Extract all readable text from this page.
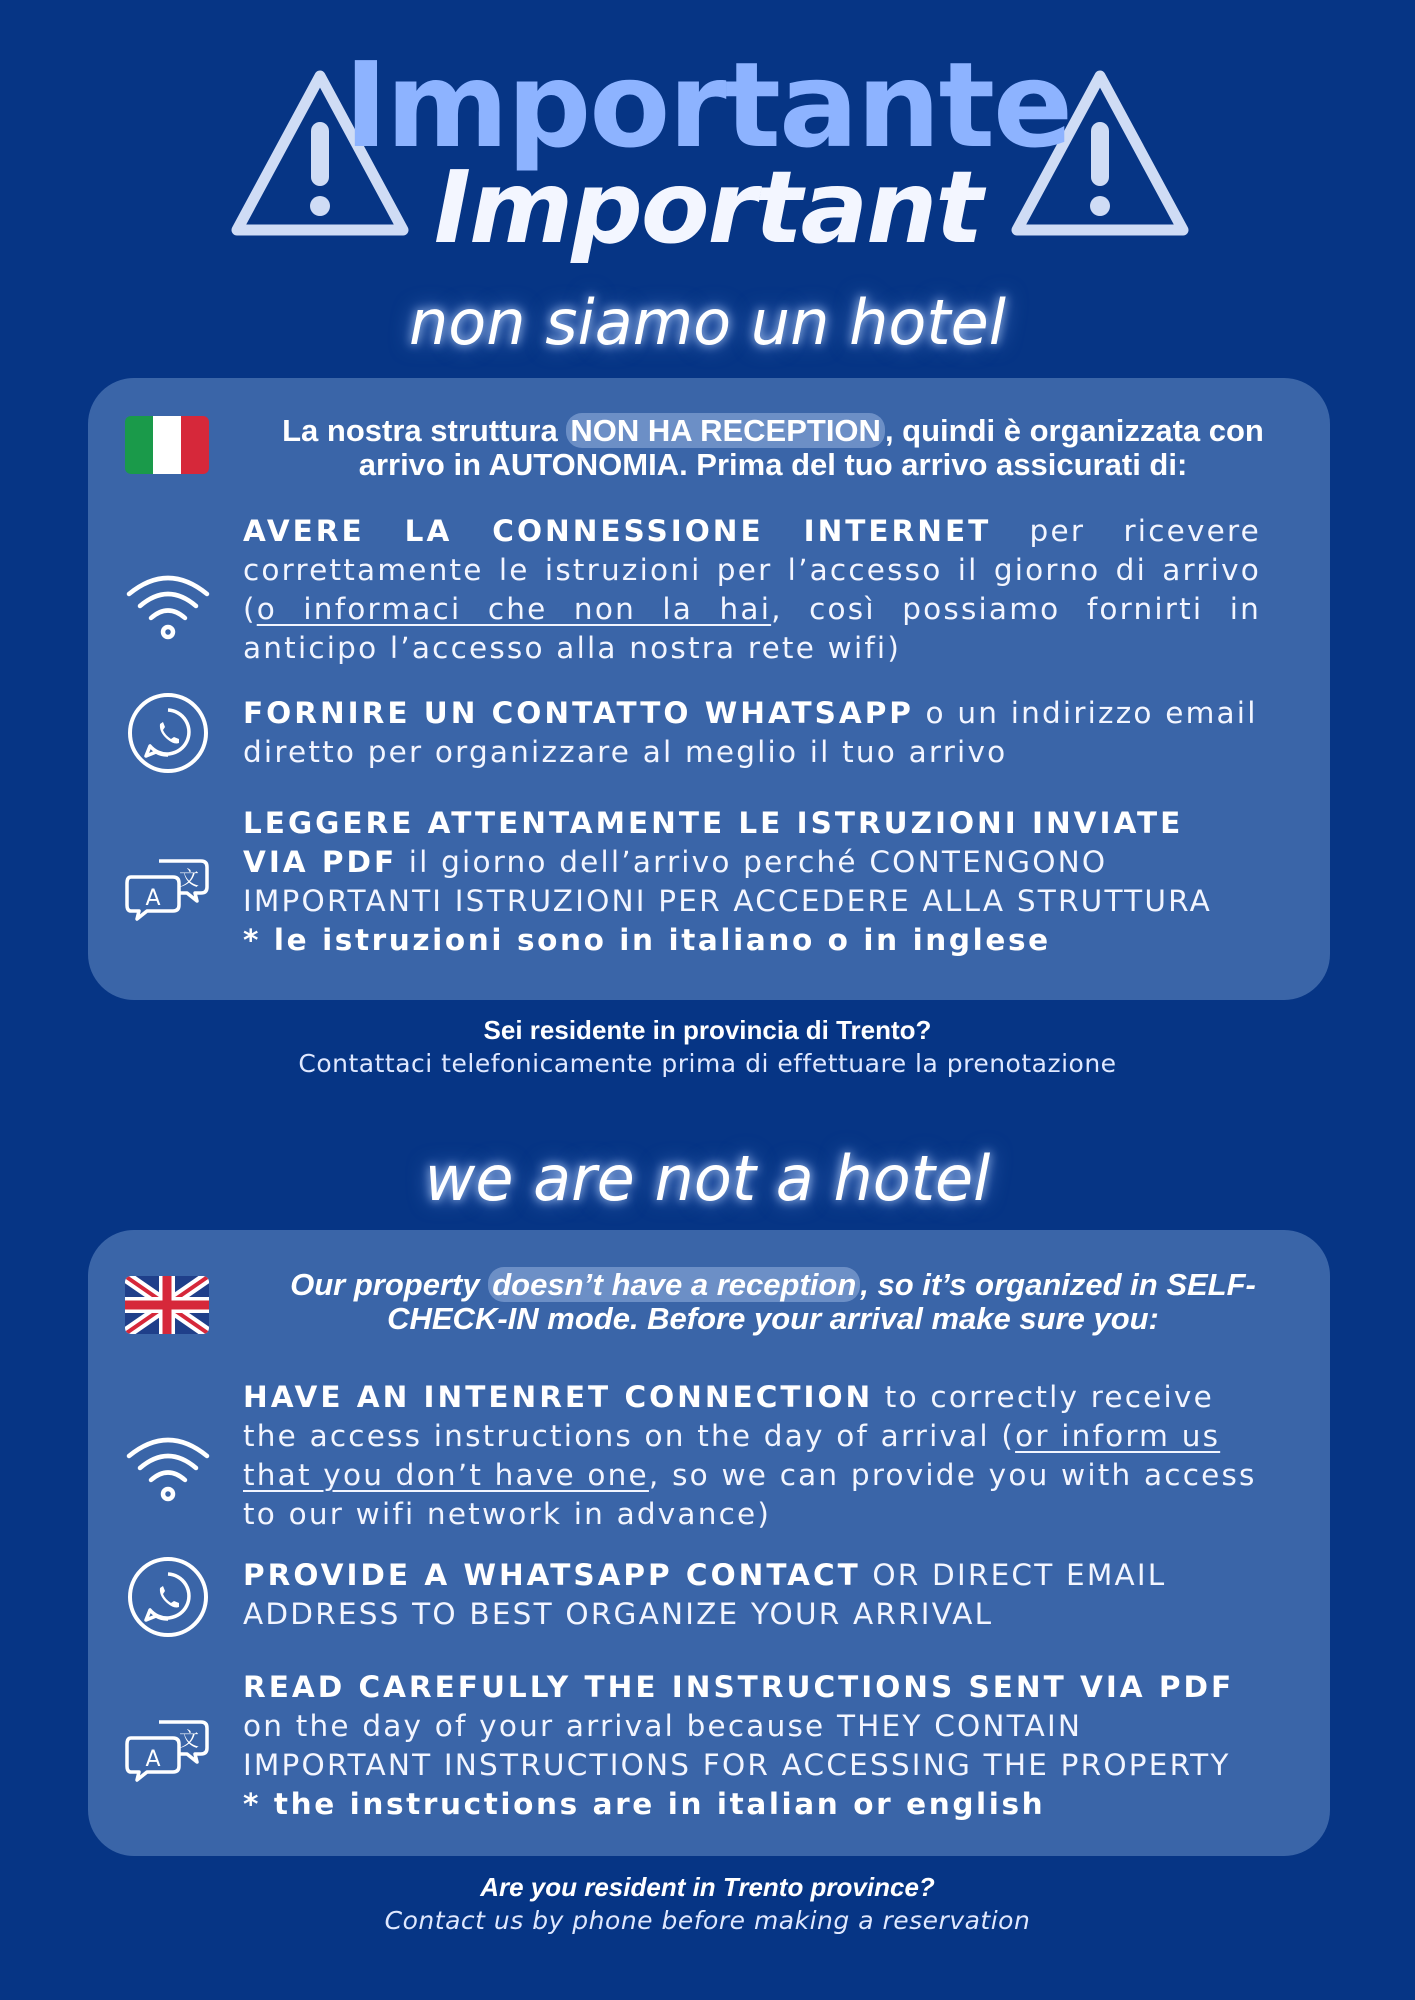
Importante
Important
non siamo un hotel
La nostra struttura NON HA RECEPTION , quindi è organizzata con arrivo in AUTONOMIA. Prima del tuo arrivo assicurati di:
AVERE LA CONNESSIONE INTERNET per ricevere correttamente le istruzioni per l’accesso il giorno di arrivo (o informaci che non la hai, così possiamo fornirti in anticipo l’accesso alla nostra rete wifi)
FORNIRE UN CONTATTO WHATSAPP o un indirizzo email diretto per organizzare al meglio il tuo arrivo
A
文
LEGGERE ATTENTAMENTE LE ISTRUZIONI INVIATE VIA PDF il giorno dell’arrivo perché CONTENGONO IMPORTANTI ISTRUZIONI PER ACCEDERE ALLA STRUTTURA
* le istruzioni sono in italiano o in inglese
Sei residente in provincia di Trento?
Contattaci telefonicamente prima di effettuare la prenotazione
we are not a hotel
Our property doesn’t have a reception , so it’s organized in SELF-CHECK-IN mode. Before your arrival make sure you:
HAVE AN INTENRET CONNECTION to correctly receive the access instructions on the day of arrival (or inform us that you don’t have one, so we can provide you with access to our wifi network in advance)
PROVIDE A WHATSAPP CONTACT OR DIRECT EMAIL ADDRESS TO BEST ORGANIZE YOUR ARRIVAL
A
文
READ CAREFULLY THE INSTRUCTIONS SENT VIA PDF on the day of your arrival because THEY CONTAIN IMPORTANT INSTRUCTIONS FOR ACCESSING THE PROPERTY
* the instructions are in italian or english
Are you resident in Trento province?
Contact us by phone before making a reservation
